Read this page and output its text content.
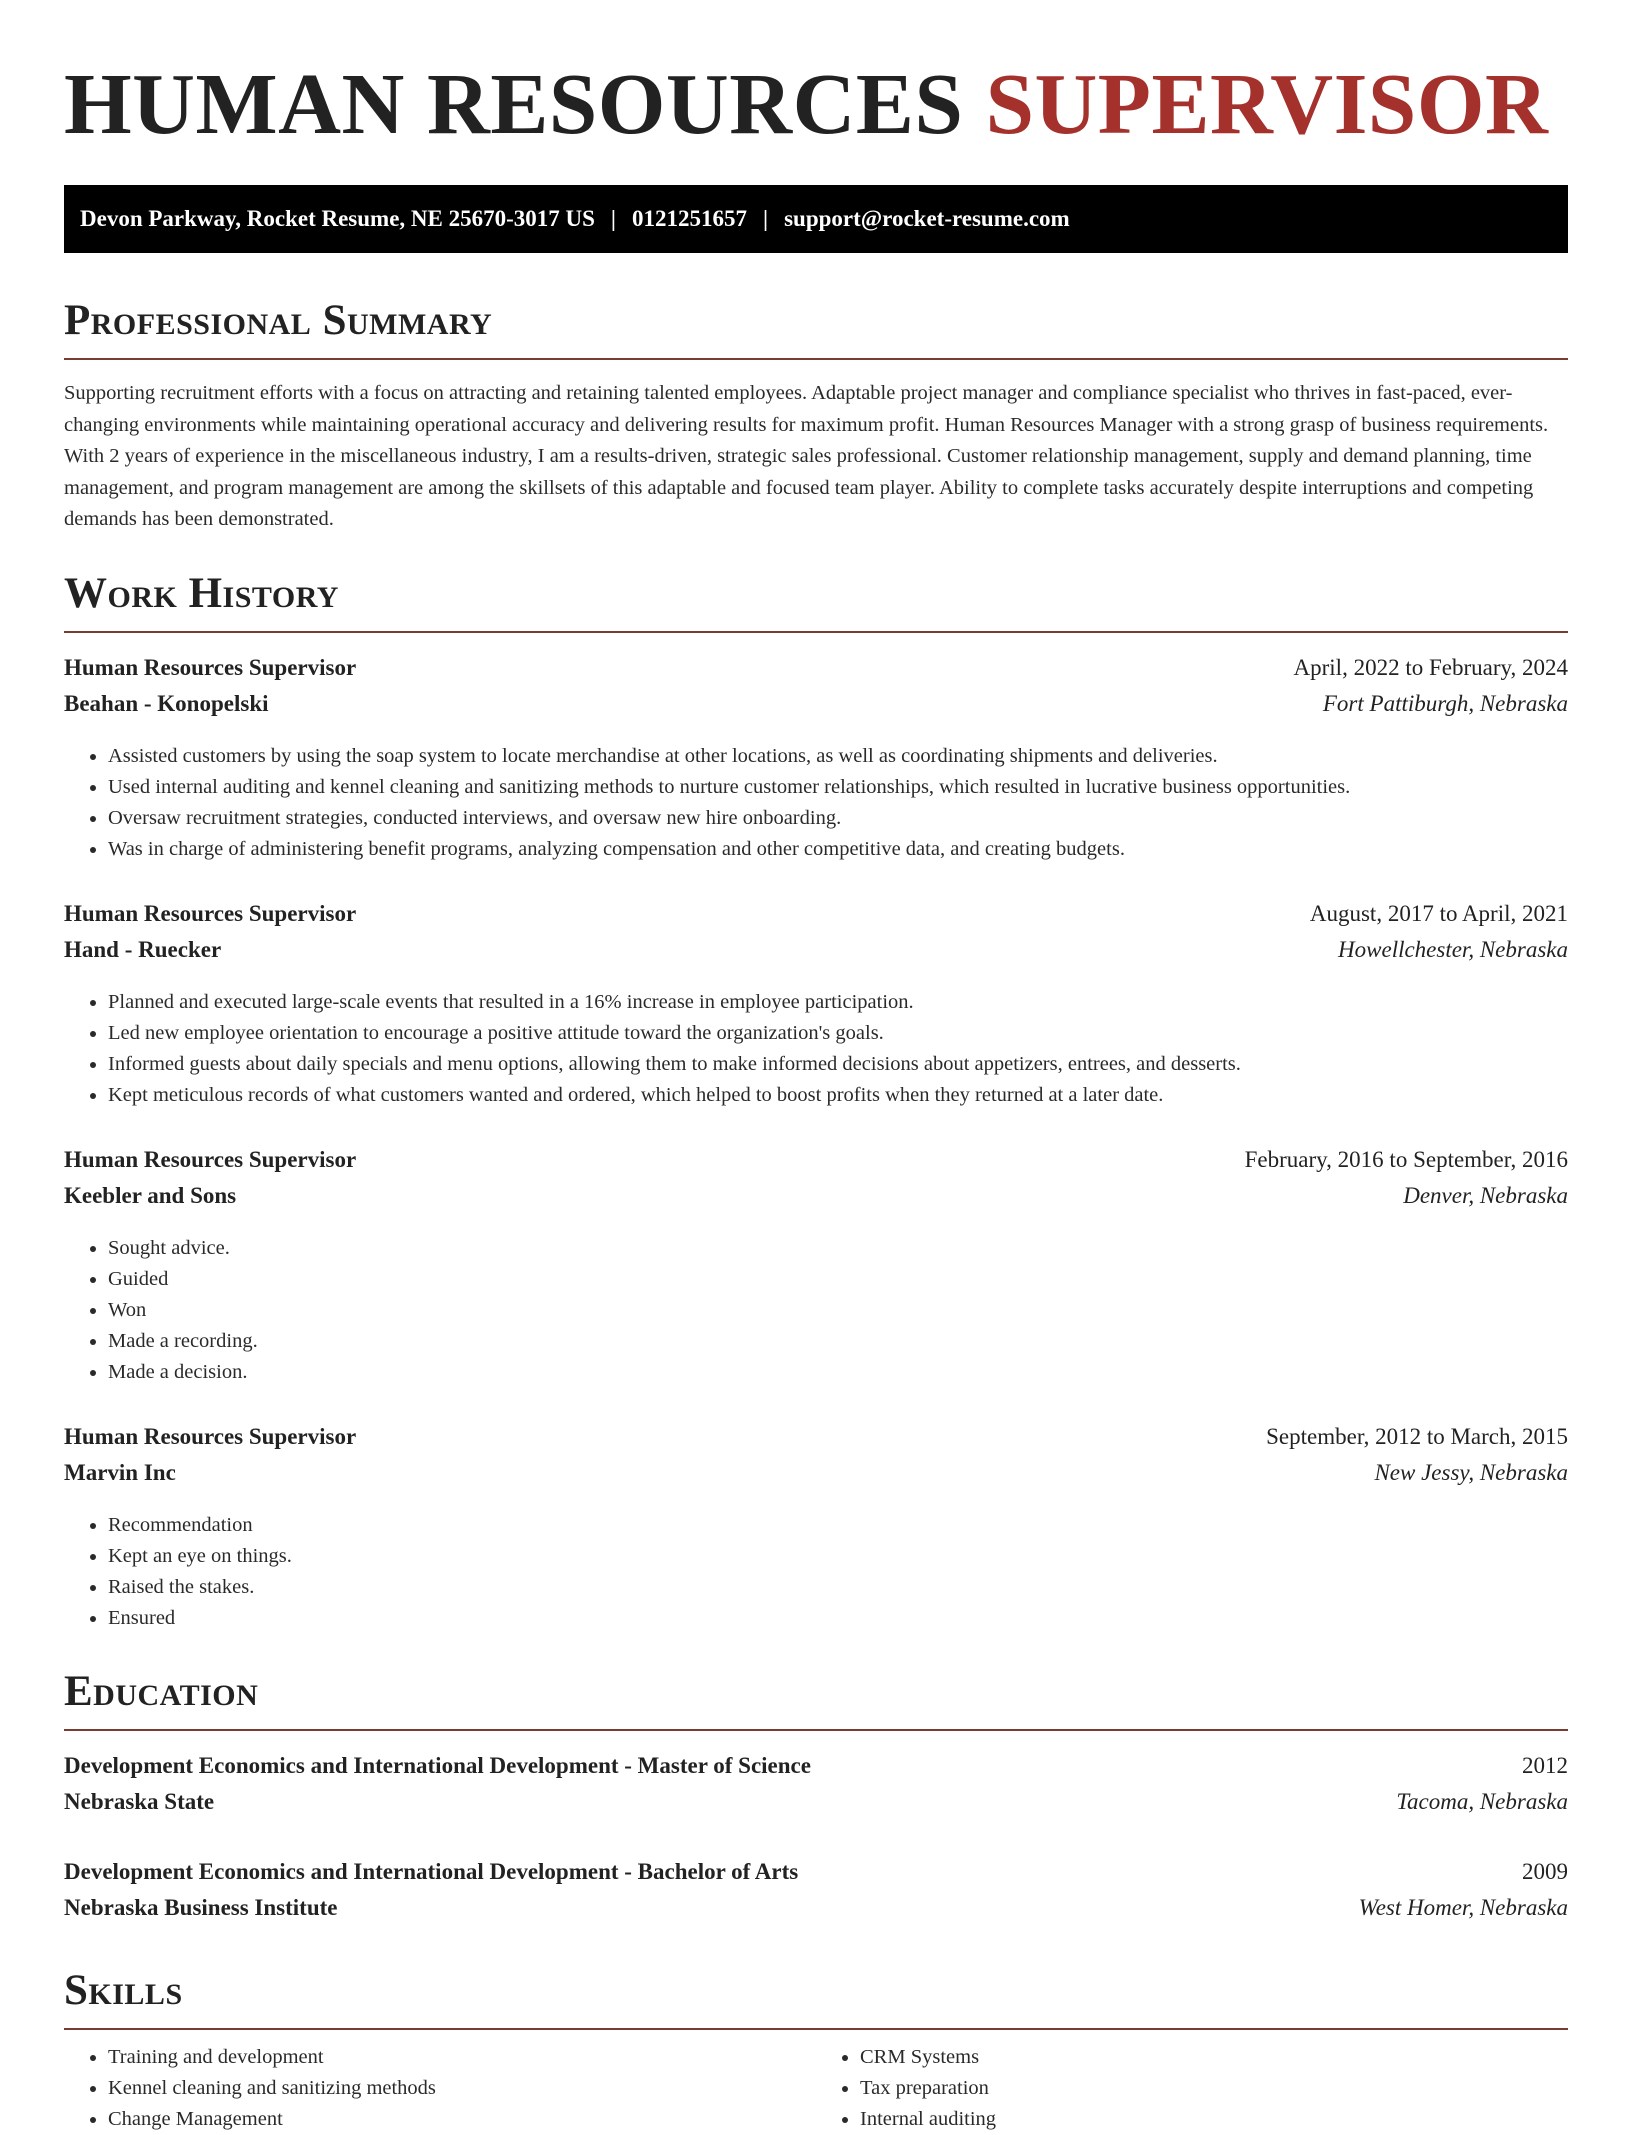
HUMAN RESOURCES SUPERVISOR
Devon Parkway, Rocket Resume, NE 25670-3017 US | 0121251657 | support@rocket-resume.com
Professional Summary

Supporting recruitment efforts with a focus on attracting and retaining talented employees. Adaptable project manager and compliance specialist who thrives in fast-paced, ever-changing environments while maintaining operational accuracy and delivering results for maximum profit. Human Resources Manager with a strong grasp of business requirements. With 2 years of experience in the miscellaneous industry, I am a results-driven, strategic sales professional. Customer relationship management, supply and demand planning, time management, and program management are among the skillsets of this adaptable and focused team player. Ability to complete tasks accurately despite interruptions and competing demands has been demonstrated.

Work History
Human Resources Supervisor	April, 2022 to February, 2024
Beahan - Konopelski	Fort Pattiburgh, Nebraska
• Assisted customers by using the soap system to locate merchandise at other locations, as well as coordinating shipments and deliveries.
• Used internal auditing and kennel cleaning and sanitizing methods to nurture customer relationships, which resulted in lucrative business opportunities.
• Oversaw recruitment strategies, conducted interviews, and oversaw new hire onboarding.
• Was in charge of administering benefit programs, analyzing compensation and other competitive data, and creating budgets.
Human Resources Supervisor	August, 2017 to April, 2021
Hand - Ruecker	Howellchester, Nebraska
• Planned and executed large-scale events that resulted in a 16% increase in employee participation.
• Led new employee orientation to encourage a positive attitude toward the organization's goals.
• Informed guests about daily specials and menu options, allowing them to make informed decisions about appetizers, entrees, and desserts.
• Kept meticulous records of what customers wanted and ordered, which helped to boost profits when they returned at a later date.
Human Resources Supervisor	February, 2016 to September, 2016
Keebler and Sons	Denver, Nebraska
• Sought advice.
• Guided
• Won
• Made a recording.
• Made a decision.
Human Resources Supervisor	September, 2012 to March, 2015
Marvin Inc	New Jessy, Nebraska
• Recommendation
• Kept an eye on things.
• Raised the stakes.
• Ensured
Education
Development Economics and International Development - Master of Science	2012
Nebraska State	Tacoma, Nebraska
Development Economics and International Development - Bachelor of Arts	2009
Nebraska Business Institute	West Homer, Nebraska
Skills
• Training and development
• Kennel cleaning and sanitizing methods
• Change Management
• CRM Systems
• Tax preparation
• Internal auditing
